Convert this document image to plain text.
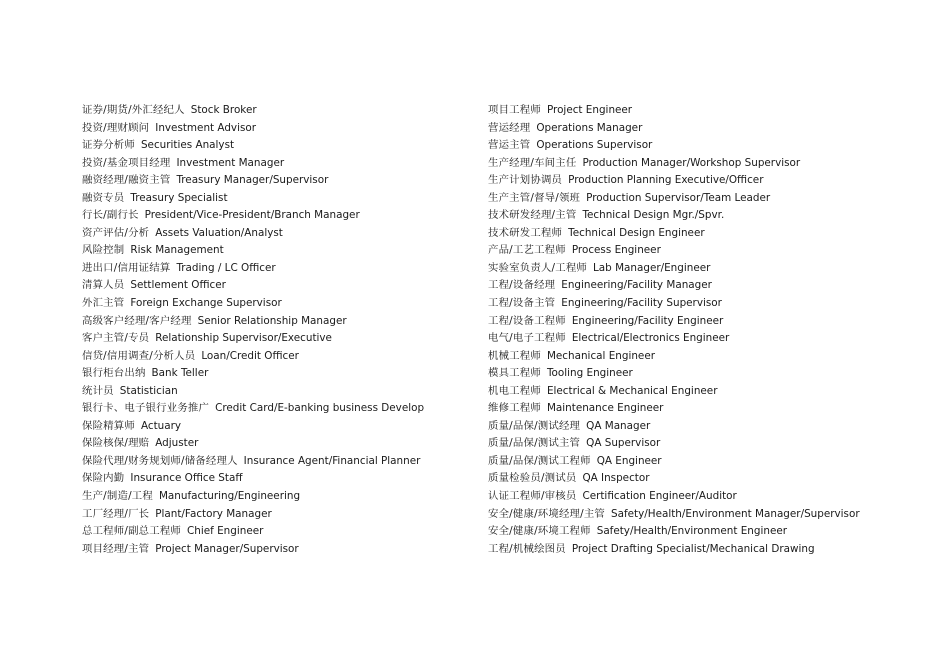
证券/期货/外汇经纪人 Stock Broker
投资/理财顾问 Investment Advisor
证券分析师 Securities Analyst
投资/基金项目经理 Investment Manager
融资经理/融资主管 Treasury Manager/Supervisor
融资专员 Treasury Specialist
行长/副行长 President/Vice-President/Branch Manager
资产评估/分析 Assets Valuation/Analyst
风险控制 Risk Management
进出口/信用证结算 Trading / LC Officer
清算人员 Settlement Officer
外汇主管 Foreign Exchange Supervisor
高级客户经理/客户经理 Senior Relationship Manager
客户主管/专员 Relationship Supervisor/Executive
信贷/信用调查/分析人员 Loan/Credit Officer
银行柜台出纳 Bank Teller
统计员 Statistician
银行卡、电子银行业务推广 Credit Card/E-banking business Develop
保险精算师 Actuary
保险核保/理赔 Adjuster
保险代理/财务规划师/储备经理人 Insurance Agent/Financial Planner
保险内勤 Insurance Office Staff
生产/制造/工程 Manufacturing/Engineering
工厂经理/厂长 Plant/Factory Manager
总工程师/副总工程师 Chief Engineer
项目经理/主管 Project Manager/Supervisor
项目工程师 Project Engineer
营运经理 Operations Manager
营运主管 Operations Supervisor
生产经理/车间主任 Production Manager/Workshop Supervisor
生产计划协调员 Production Planning Executive/Officer
生产主管/督导/领班 Production Supervisor/Team Leader
技术研发经理/主管 Technical Design Mgr./Spvr.
技术研发工程师 Technical Design Engineer
产品/工艺工程师 Process Engineer
实验室负责人/工程师 Lab Manager/Engineer
工程/设备经理 Engineering/Facility Manager
工程/设备主管 Engineering/Facility Supervisor
工程/设备工程师 Engineering/Facility Engineer
电气/电子工程师 Electrical/Electronics Engineer
机械工程师 Mechanical Engineer
模具工程师 Tooling Engineer
机电工程师 Electrical & Mechanical Engineer
维修工程师 Maintenance Engineer
质量/品保/测试经理 QA Manager
质量/品保/测试主管 QA Supervisor
质量/品保/测试工程师 QA Engineer
质量检验员/测试员 QA Inspector
认证工程师/审核员 Certification Engineer/Auditor
安全/健康/环境经理/主管 Safety/Health/Environment Manager/Supervisor
安全/健康/环境工程师 Safety/Health/Environment Engineer
工程/机械绘图员 Project Drafting Specialist/Mechanical Drawing
